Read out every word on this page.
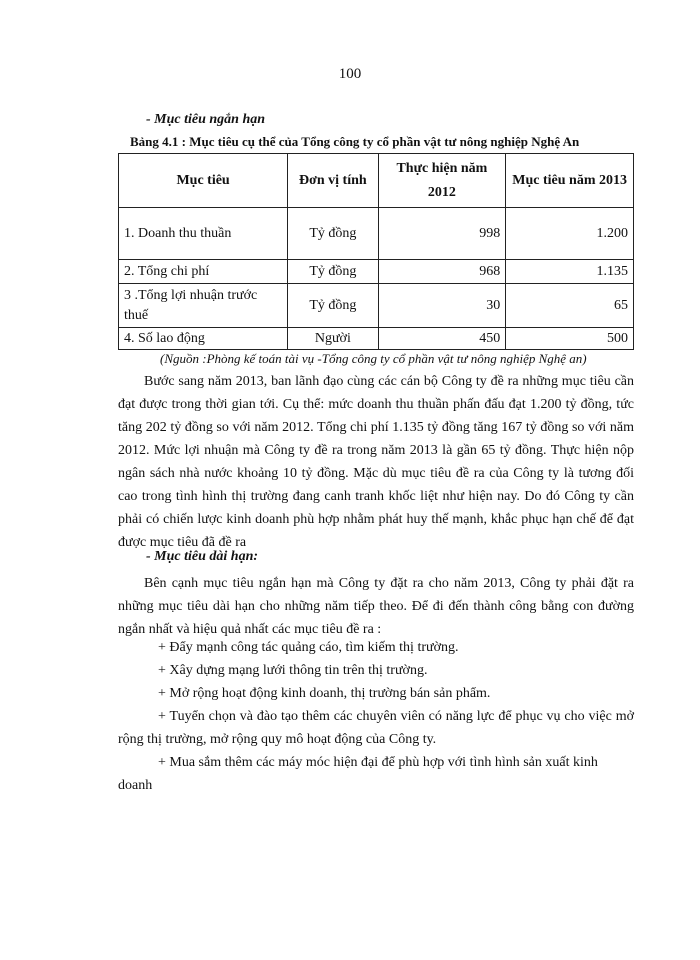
100
- Mục tiêu ngắn hạn
Bảng 4.1 : Mục tiêu cụ thể của Tổng công ty cổ phần vật tư nông nghiệp Nghệ An
Mục tiêu	Đơn vị tính	Thực hiện năm 2012	Mục tiêu năm 2013
1. Doanh thu thuần	Tỷ đồng	998	1.200
2. Tổng chi phí	Tỷ đồng	968	1.135
3 .Tổng lợi nhuận trước thuế	Tỷ đồng	30	65
4. Số lao động	Người	450	500
(Nguồn :Phòng kế toán tài vụ -Tổng công ty cổ phần vật tư nông nghiệp Nghệ an)
Bước sang năm 2013, ban lãnh đạo cùng các cán bộ Công ty đề ra những mục tiêu cần đạt được trong thời gian tới. Cụ thể: mức doanh thu thuần phấn đấu đạt 1.200 tỷ đồng, tức tăng 202 tỷ đồng so với năm 2012. Tổng chi phí 1.135 tỷ đồng tăng 167 tỷ đồng so với năm 2012. Mức lợi nhuận mà Công ty đề ra trong năm 2013 là gần 65 tỷ đồng. Thực hiện nộp ngân sách nhà nước khoảng 10 tỷ đồng. Mặc dù mục tiêu đề ra của Công ty là tương đối cao trong tình hình thị trường đang canh tranh khốc liệt như hiện nay. Do đó Công ty cần phải có chiến lược kinh doanh phù hợp nhằm phát huy thế mạnh, khắc phục hạn chế để đạt được mục tiêu đã đề ra
- Mục tiêu dài hạn:
Bên cạnh mục tiêu ngắn hạn mà Công ty đặt ra cho năm 2013, Công ty phải đặt ra những mục tiêu dài hạn cho những năm tiếp theo. Để đi đến thành công bằng con đường ngắn nhất và hiệu quả nhất các mục tiêu đề ra :
+ Đẩy mạnh công tác quảng cáo, tìm kiếm thị trường.
+ Xây dựng mạng lưới thông tin trên thị trường.
+ Mở rộng hoạt động kinh doanh, thị trường bán sản phẩm.
+ Tuyển chọn và đào tạo thêm các chuyên viên có năng lực để phục vụ cho việc mở rộng thị trường, mở rộng quy mô hoạt động của Công ty.
+ Mua sắm thêm các máy móc hiện đại để phù hợp với tình hình sản xuất kinh doanh
